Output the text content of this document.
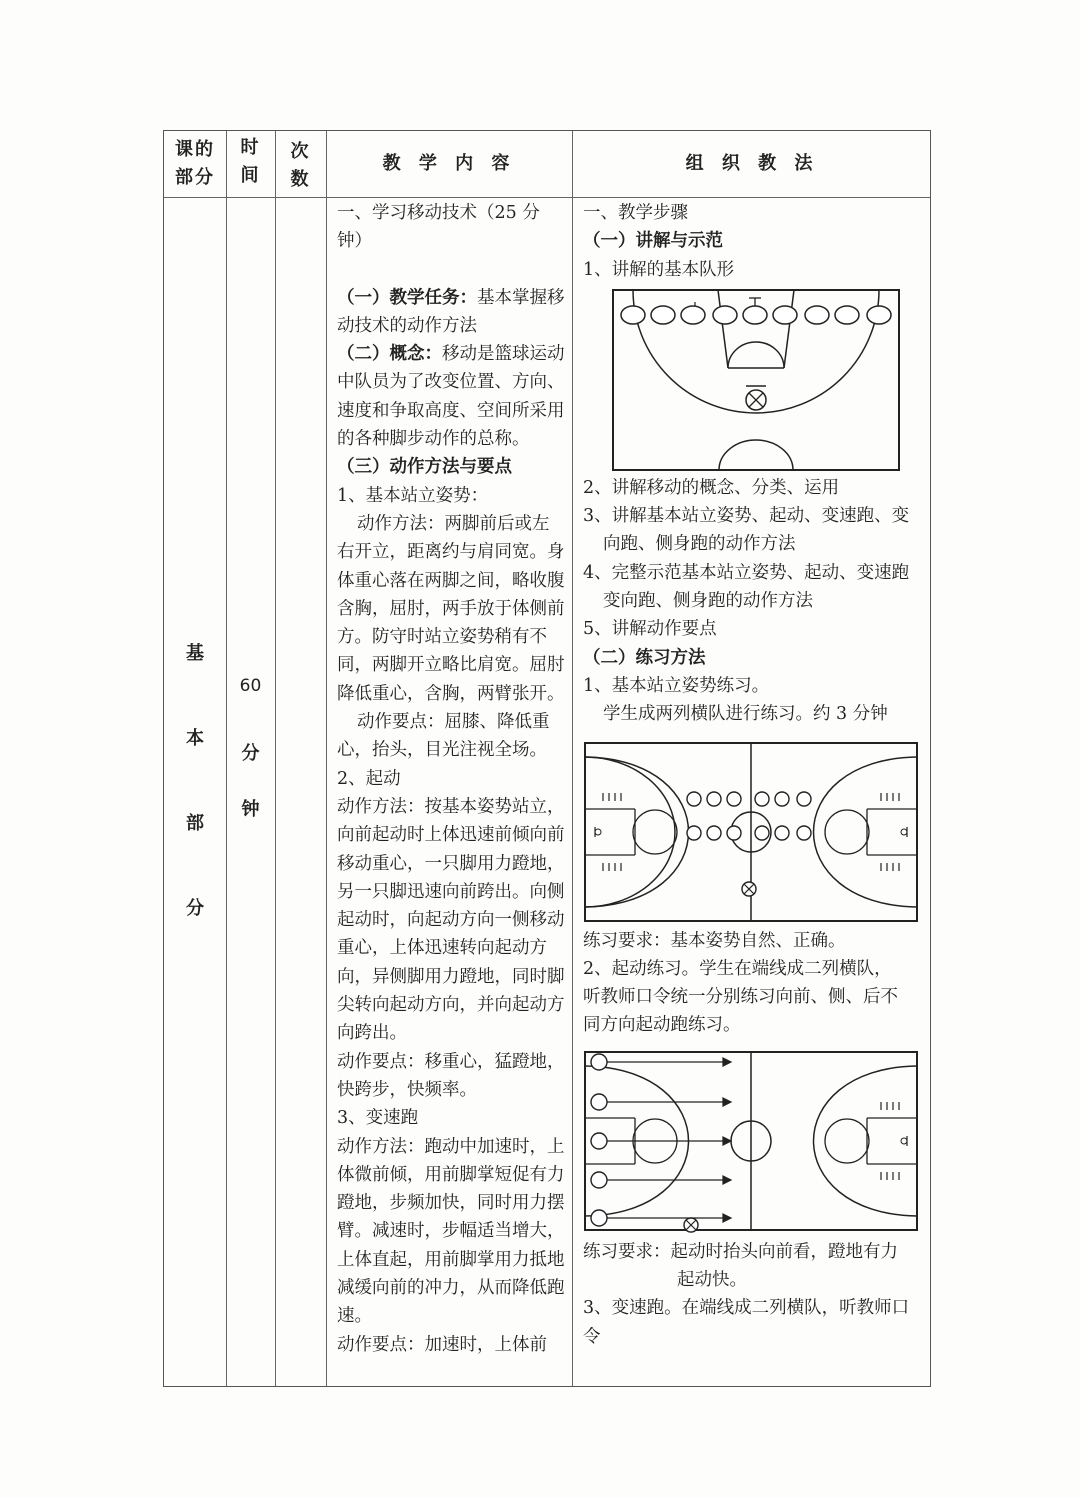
课的
部分
时
间
次
数
教 学 内 容	组 织 教 法
基
本
部
分
60
分
钟

一、学习移动技术（25 分钟）

（一）教学任务：基本掌握移动技术的动作方法

（二）概念：移动是篮球运动中队员为了改变位置、方向、速度和争取高度、空间所采用的各种脚步动作的总称。

（三）动作方法与要点

1、基本站立姿势：

动作方法：两脚前后或左右开立，距离约与肩同宽。身体重心落在两脚之间，略收腹含胸，屈肘，两手放于体侧前方。防守时站立姿势稍有不同，两脚开立略比肩宽。屈肘降低重心，含胸，两臂张开。

动作要点：屈膝、降低重心，抬头，目光注视全场。

2、起动

动作方法：按基本姿势站立，向前起动时上体迅速前倾向前移动重心，一只脚用力蹬地，另一只脚迅速向前跨出。向侧起动时，向起动方向一侧移动重心，上体迅速转向起动方向，异侧脚用力蹬地，同时脚尖转向起动方向，并向起动方向跨出。

动作要点：移重心，猛蹬地，快跨步，快频率。

3、变速跑

动作方法：跑动中加速时，上体微前倾，用前脚掌短促有力蹬地，步频加快，同时用力摆臂。减速时，步幅适当增大，上体直起，用前脚掌用力抵地减缓向前的冲力，从而降低跑速。

动作要点：加速时，上体前

一、教学步骤

（一）讲解与示范

1、讲解的基本队形

2、讲解移动的概念、分类、运用

3、讲解基本站立姿势、起动、变速跑、变

向跑、侧身跑的动作方法

4、完整示范基本站立姿势、起动、变速跑

变向跑、侧身跑的动作方法

5、讲解动作要点

（二）练习方法

1、基本站立姿势练习。

学生成两列横队进行练习。约 3 分钟

练习要求：基本姿势自然、正确。

2、起动练习。学生在端线成二列横队，

听教师口令统一分别练习向前、侧、后不

同方向起动跑练习。

练习要求：起动时抬头向前看，蹬地有力

起动快。

3、变速跑。在端线成二列横队，听教师口

令
